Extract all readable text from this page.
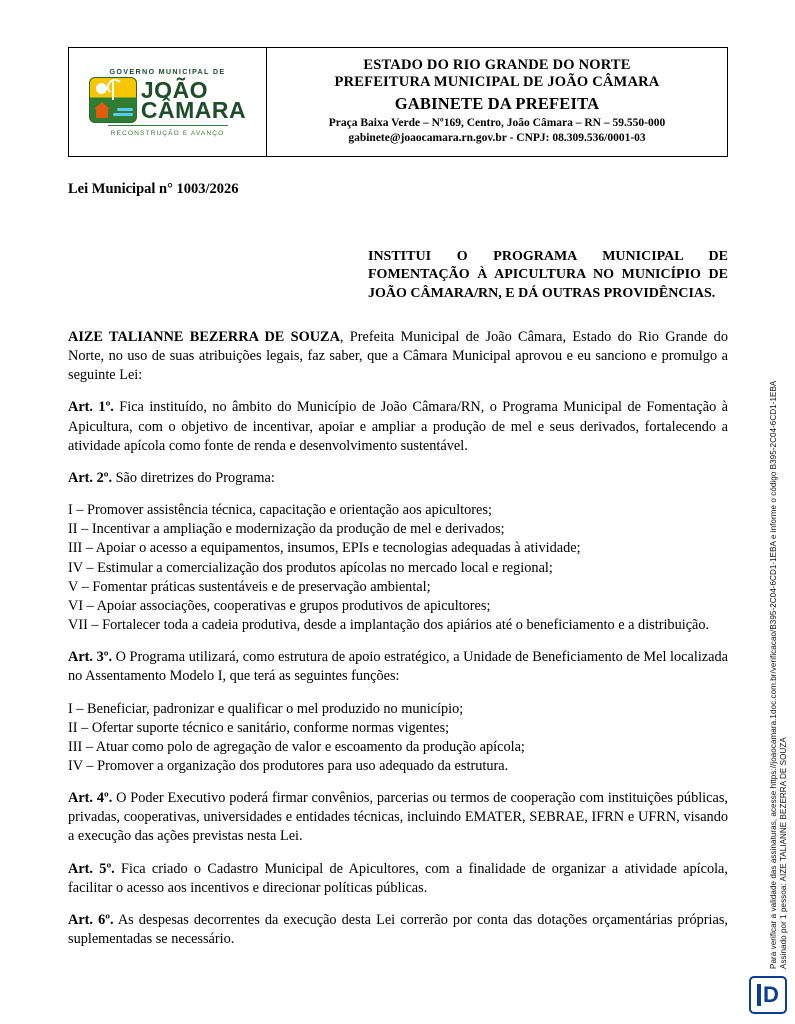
GOVERNO MUNICIPAL DE
JOÃO
CÂMARA
RECONSTRUÇÃO E AVANÇO
ESTADO DO RIO GRANDE DO NORTE
PREFEITURA MUNICIPAL DE JOÃO CÂMARA
GABINETE DA PREFEITA
Praça Baixa Verde – Nº169, Centro, João Câmara – RN – 59.550-000
gabinete@joaocamara.rn.gov.br - CNPJ: 08.309.536/0001-03
Lei Municipal n° 1003/2026
INSTITUI O PROGRAMA MUNICIPAL DE FOMENTAÇÃO À APICULTURA NO MUNICÍPIO DE JOÃO CÂMARA/RN, E DÁ OUTRAS PROVIDÊNCIAS.

AIZE TALIANNE BEZERRA DE SOUZA, Prefeita Municipal de João Câmara, Estado do Rio Grande do Norte, no uso de suas atribuições legais, faz saber, que a Câmara Municipal aprovou e eu sanciono e promulgo a seguinte Lei:

Art. 1º. Fica instituído, no âmbito do Município de João Câmara/RN, o Programa Municipal de Fomentação à Apicultura, com o objetivo de incentivar, apoiar e ampliar a produção de mel e seus derivados, fortalecendo a atividade apícola como fonte de renda e desenvolvimento sustentável.

Art. 2º. São diretrizes do Programa:

I – Promover assistência técnica, capacitação e orientação aos apicultores;

II – Incentivar a ampliação e modernização da produção de mel e derivados;

III – Apoiar o acesso a equipamentos, insumos, EPIs e tecnologias adequadas à atividade;

IV – Estimular a comercialização dos produtos apícolas no mercado local e regional;

V – Fomentar práticas sustentáveis e de preservação ambiental;

VI – Apoiar associações, cooperativas e grupos produtivos de apicultores;

VII – Fortalecer toda a cadeia produtiva, desde a implantação dos apiários até o beneficiamento e a distribuição.

Art. 3º. O Programa utilizará, como estrutura de apoio estratégico, a Unidade de Beneficiamento de Mel localizada no Assentamento Modelo I, que terá as seguintes funções:

I – Beneficiar, padronizar e qualificar o mel produzido no município;

II – Ofertar suporte técnico e sanitário, conforme normas vigentes;

III – Atuar como polo de agregação de valor e escoamento da produção apícola;

IV – Promover a organização dos produtores para uso adequado da estrutura.

Art. 4º. O Poder Executivo poderá firmar convênios, parcerias ou termos de cooperação com instituições públicas, privadas, cooperativas, universidades e entidades técnicas, incluindo EMATER, SEBRAE, IFRN e UFRN, visando a execução das ações previstas nesta Lei.

Art. 5º. Fica criado o Cadastro Municipal de Apicultores, com a finalidade de organizar a atividade apícola, facilitar o acesso aos incentivos e direcionar políticas públicas.

Art. 6º. As despesas decorrentes da execução desta Lei correrão por conta das dotações orçamentárias próprias, suplementadas se necessário.	Assinado por 1 pessoa: AIZE TALIANNE BEZERRA DE SOUZA
Para verificar a validade das assinaturas, acesse https://joaocamara.1doc.com.br/verificacao/B395-2C04-6CD1-1EBA e informe o código B395-2C04-6CD1-1EBA
D
